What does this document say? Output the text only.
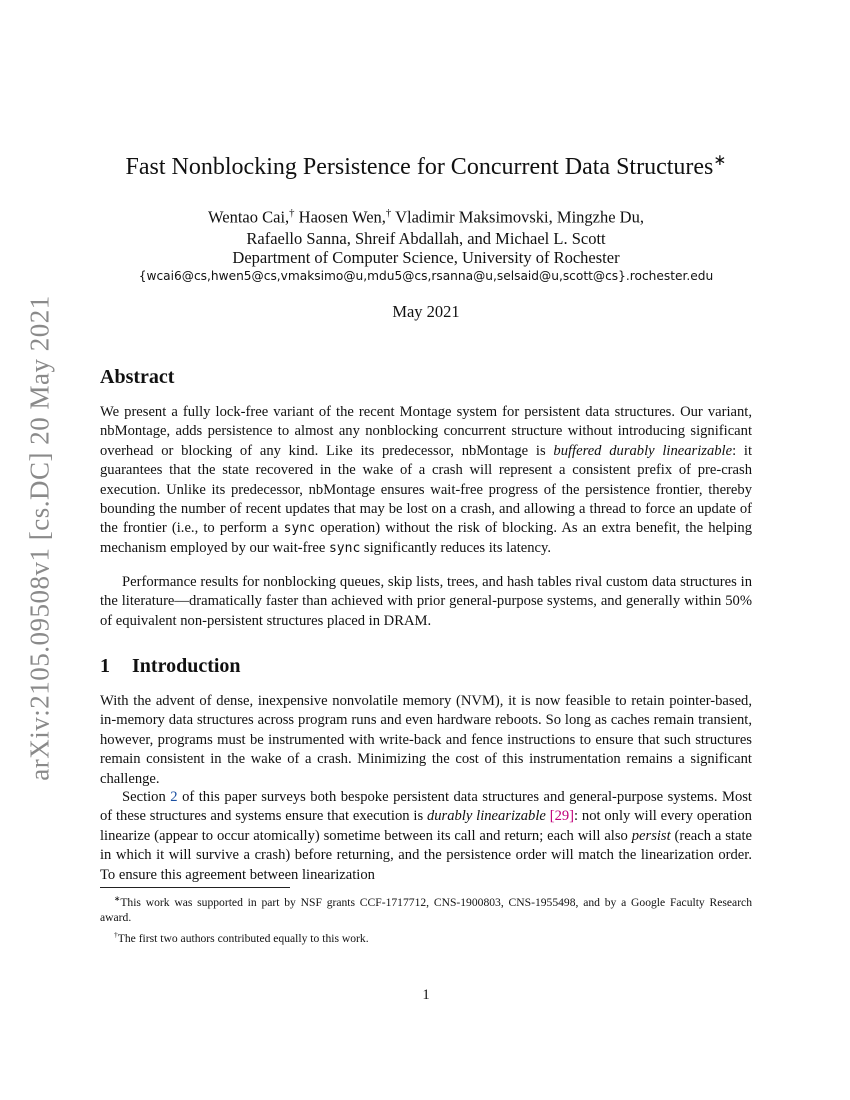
arXiv:2105.09508v1 [cs.DC] 20 May 2021
Fast Nonblocking Persistence for Concurrent Data Structures∗
Wentao Cai,† Haosen Wen,† Vladimir Maksimovski, Mingzhe Du,
Rafaello Sanna, Shreif Abdallah, and Michael L. Scott
Department of Computer Science, University of Rochester
{wcai6@cs,hwen5@cs,vmaksimo@u,mdu5@cs,rsanna@u,selsaid@u,scott@cs}.rochester.edu
May 2021
Abstract
We present a fully lock-free variant of the recent Montage system for persistent data structures. Our variant, nbMontage, adds persistence to almost any nonblocking concurrent structure without introducing significant overhead or blocking of any kind. Like its predecessor, nbMontage is buffered durably linearizable: it guarantees that the state recovered in the wake of a crash will represent a consistent prefix of pre-crash execution. Unlike its predecessor, nbMontage ensures wait-free progress of the persistence frontier, thereby bounding the number of recent updates that may be lost on a crash, and allowing a thread to force an update of the frontier (i.e., to perform a sync operation) without the risk of blocking. As an extra benefit, the helping mechanism employed by our wait-free sync significantly reduces its latency.
Performance results for nonblocking queues, skip lists, trees, and hash tables rival custom data structures in the literature—dramatically faster than achieved with prior general-purpose systems, and generally within 50% of equivalent non-persistent structures placed in DRAM.
1 Introduction
With the advent of dense, inexpensive nonvolatile memory (NVM), it is now feasible to retain pointer-based, in-memory data structures across program runs and even hardware reboots. So long as caches remain transient, however, programs must be instrumented with write-back and fence instructions to ensure that such structures remain consistent in the wake of a crash. Minimizing the cost of this instrumentation remains a significant challenge.
Section 2 of this paper surveys both bespoke persistent data structures and general-purpose systems. Most of these structures and systems ensure that execution is durably linearizable [29]: not only will every operation linearize (appear to occur atomically) sometime between its call and return; each will also persist (reach a state in which it will survive a crash) before returning, and the persistence order will match the linearization order. To ensure this agreement between linearization

∗This work was supported in part by NSF grants CCF-1717712, CNS-1900803, CNS-1955498, and by a Google Faculty Research award.

†The first two authors contributed equally to this work.

1
